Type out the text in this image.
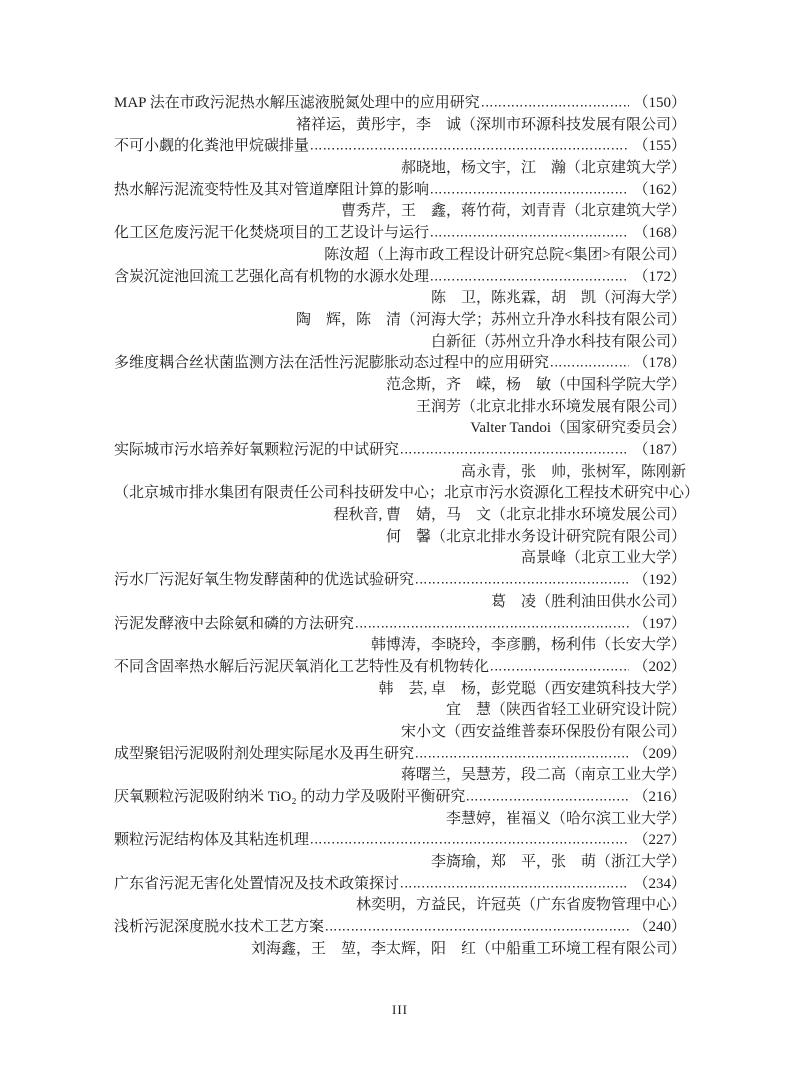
MAP 法在市政污泥热水解压滤液脱氮处理中的应用研究	（150）
褚祥运，黄彤宇，李　诚（深圳市环源科技发展有限公司）
不可小觑的化粪池甲烷碳排量	（155）
郝晓地，杨文宇，江　瀚（北京建筑大学）
热水解污泥流变特性及其对管道摩阻计算的影响	（162）
曹秀芹，王　鑫，蒋竹荷，刘青青（北京建筑大学）
化工区危废污泥干化焚烧项目的工艺设计与运行	（168）
陈汝超（上海市政工程设计研究总院<集团>有限公司）
含炭沉淀池回流工艺强化高有机物的水源水处理	（172）
陈　卫，陈兆霖，胡　凯（河海大学）
陶　辉，陈　清（河海大学；苏州立升净水科技有限公司）
白新征（苏州立升净水科技有限公司）
多维度耦合丝状菌监测方法在活性污泥膨胀动态过程中的应用研究	（178）
范念斯，齐　嵘，杨　敏（中国科学院大学）
王润芳（北京北排水环境发展有限公司）
Valter Tandoi（国家研究委员会）
实际城市污水培养好氧颗粒污泥的中试研究	（187）
高永青，张　帅，张树军，陈刚新
（北京城市排水集团有限责任公司科技研发中心；北京市污水资源化工程技术研究中心）
程秋音, 曹　婧，马　文（北京北排水环境发展公司）
何　馨（北京北排水务设计研究院有限公司）
高景峰（北京工业大学）
污水厂污泥好氧生物发酵菌种的优选试验研究	（192）
葛　凌（胜利油田供水公司）
污泥发酵液中去除氨和磷的方法研究	（197）
韩博涛，李晓玲，李彦鹏，杨利伟（长安大学）
不同含固率热水解后污泥厌氧消化工艺特性及有机物转化	（202）
韩　芸, 卓　杨，彭党聪（西安建筑科技大学）
宜　慧（陕西省轻工业研究设计院）
宋小文（西安益维普泰环保股份有限公司）
成型聚铝污泥吸附剂处理实际尾水及再生研究	（209）
蒋曙兰，吴慧芳，段二高（南京工业大学）
厌氧颗粒污泥吸附纳米 TiO₂ 的动力学及吸附平衡研究	（216）
李慧婷，崔福义（哈尔滨工业大学）
颗粒污泥结构体及其粘连机理	（227）
李旖瑜，郑　平，张　萌（浙江大学）
广东省污泥无害化处置情况及技术政策探讨	（234）
林奕明，方益民，许冠英（广东省废物管理中心）
浅析污泥深度脱水技术工艺方案	（240）
刘海鑫，王　堃，李太辉，阳　红（中船重工环境工程有限公司）
III
